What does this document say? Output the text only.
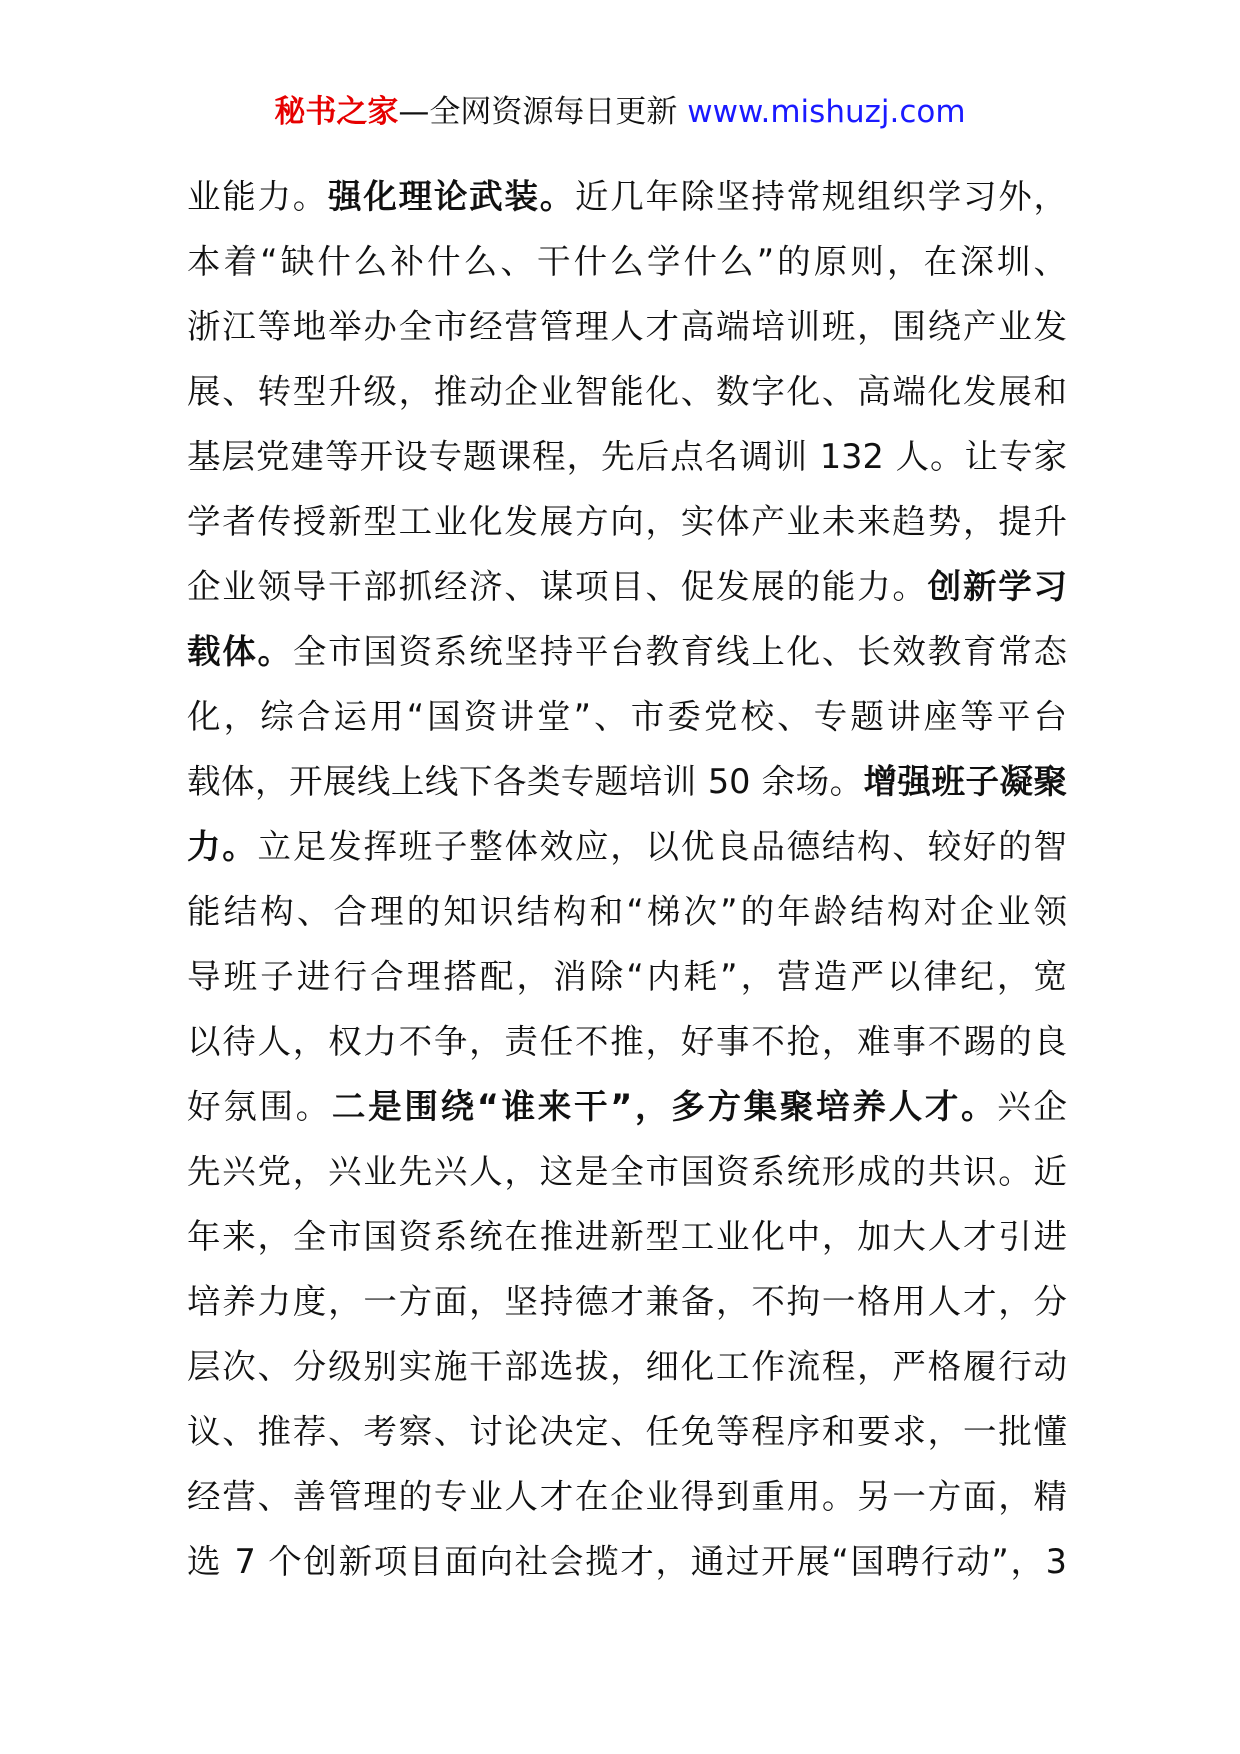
秘书之家—全网资源每日更新 www.mishuzj.com
业能力。强化理论武装。近几年除坚持常规组织学习外，
本着“缺什么补什么、干什么学什么”的原则，在深圳、
浙江等地举办全市经营管理人才高端培训班，围绕产业发
展、转型升级，推动企业智能化、数字化、高端化发展和
基层党建等开设专题课程，先后点名调训 132 人。让专家
学者传授新型工业化发展方向，实体产业未来趋势，提升
企业领导干部抓经济、谋项目、促发展的能力。创新学习
载体。全市国资系统坚持平台教育线上化、长效教育常态
化，综合运用“国资讲堂”、市委党校、专题讲座等平台
载体，开展线上线下各类专题培训 50 余场。增强班子凝聚
力。立足发挥班子整体效应，以优良品德结构、较好的智
能结构、合理的知识结构和“梯次”的年龄结构对企业领
导班子进行合理搭配，消除“内耗”，营造严以律纪，宽
以待人，权力不争，责任不推，好事不抢，难事不踢的良
好氛围。二是围绕“谁来干”，多方集聚培养人才。兴企
先兴党，兴业先兴人，这是全市国资系统形成的共识。近
年来，全市国资系统在推进新型工业化中，加大人才引进
培养力度，一方面，坚持德才兼备，不拘一格用人才，分
层次、分级别实施干部选拔，细化工作流程，严格履行动
议、推荐、考察、讨论决定、任免等程序和要求，一批懂
经营、善管理的专业人才在企业得到重用。另一方面，精
选 7 个创新项目面向社会揽才，通过开展“国聘行动”，3
